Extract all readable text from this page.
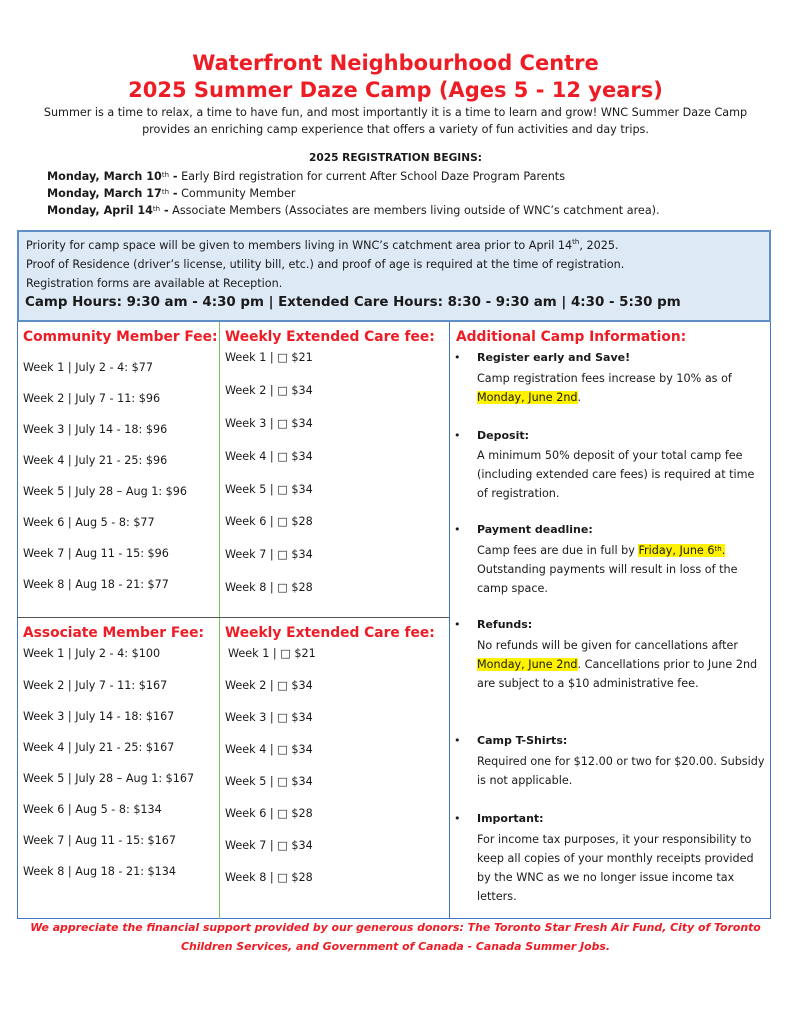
Waterfront Neighbourhood Centre
2025 Summer Daze Camp (Ages 5 - 12 years)
Summer is a time to relax, a time to have fun, and most importantly it is a time to learn and grow! WNC Summer Daze Camp provides an enriching camp experience that offers a variety of fun activities and day trips.
2025 REGISTRATION BEGINS:
Monday, March 10th - Early Bird registration for current After School Daze Program Parents
Monday, March 17th - Community Member
Monday, April 14th - Associate Members (Associates are members living outside of WNC’s catchment area).
Priority for camp space will be given to members living in WNC’s catchment area prior to April 14th, 2025.
Proof of Residence (driver’s license, utility bill, etc.) and proof of age is required at the time of registration.
Registration forms are available at Reception.
Camp Hours: 9:30 am - 4:30 pm | Extended Care Hours: 8:30 - 9:30 am | 4:30 - 5:30 pm
Community Member Fee:
Week 1 | July 2 - 4: $77
Week 2 | July 7 - 11: $96
Week 3 | July 14 - 18: $96
Week 4 | July 21 - 25: $96
Week 5 | July 28 – Aug 1: $96
Week 6 | Aug 5 - 8: $77
Week 7 | Aug 11 - 15: $96
Week 8 | Aug 18 - 21: $77
Weekly Extended Care fee:
Week 1 | □ $21
Week 2 | □ $34
Week 3 | □ $34
Week 4 | □ $34
Week 5 | □ $34
Week 6 | □ $28
Week 7 | □ $34
Week 8 | □ $28
Associate Member Fee:
Week 1 | July 2 - 4: $100
Week 2 | July 7 - 11: $167
Week 3 | July 14 - 18: $167
Week 4 | July 21 - 25: $167
Week 5 | July 28 – Aug 1: $167
Week 6 | Aug 5 - 8: $134
Week 7 | Aug 11 - 15: $167
Week 8 | Aug 18 - 21: $134
Weekly Extended Care fee:
Week 1 | □ $21
Week 2 | □ $34
Week 3 | □ $34
Week 4 | □ $34
Week 5 | □ $34
Week 6 | □ $28
Week 7 | □ $34
Week 8 | □ $28
Additional Camp Information:
• Register early and Save!
Camp registration fees increase by 10% as of
Monday, June 2nd.
• Deposit:
A minimum 50% deposit of your total camp fee (including extended care fees) is required at time of registration.
• Payment deadline:
Camp fees are due in full by Friday, June 6th. Outstanding payments will result in loss of the camp space.
• Refunds:
No refunds will be given for cancellations after Monday, June 2nd. Cancellations prior to June 2nd are subject to a $10 administrative fee.
• Camp T-Shirts:
Required one for $12.00 or two for $20.00. Subsidy is not applicable.
• Important:
For income tax purposes, it your responsibility to keep all copies of your monthly receipts provided by the WNC as we no longer issue income tax letters.
We appreciate the financial support provided by our generous donors: The Toronto Star Fresh Air Fund, City of Toronto Children Services, and Government of Canada - Canada Summer Jobs.
